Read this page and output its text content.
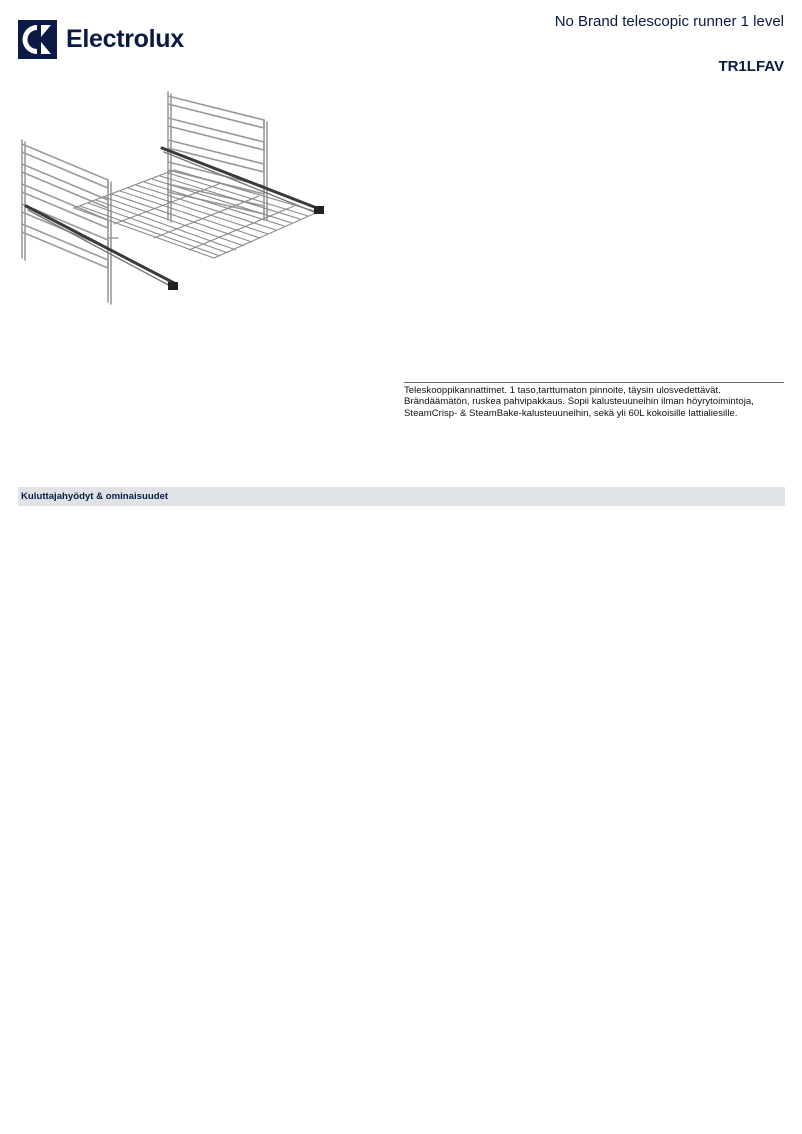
Electrolux
No Brand telescopic runner 1 level
TR1LFAV
Teleskooppikannattimet. 1 taso,tarttumaton pinnoite, täysin ulosvedettävät. Brändäämätön, ruskea pahvipakkaus. Sopii kalusteuuneihin ilman höyrytoimintoja, SteamCrisp- & SteamBake-kalusteuuneihin, sekä yli 60L kokoisille lattialiesille.
Kuluttajahyödyt & ominaisuudet
